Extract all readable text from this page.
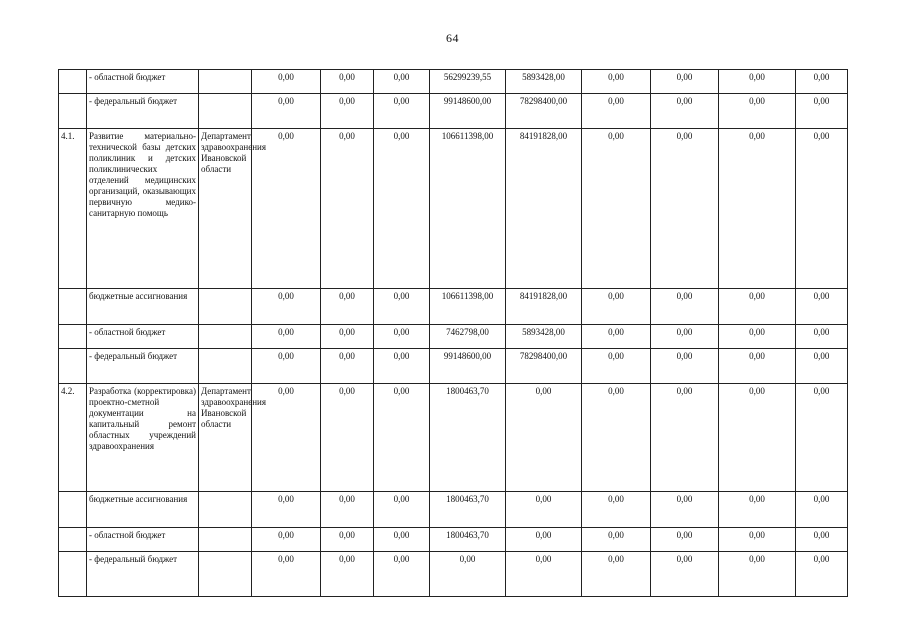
64
	- областной бюджет		0,00	0,00	0,00	56299239,55	5893428,00	0,00	0,00	0,00	0,00
	- федеральный бюджет		0,00	0,00	0,00	99148600,00	78298400,00	0,00	0,00	0,00	0,00
4.1.	Развитие материально-технической базы детских поликлиник и детских поликлинических отделений медицинских организаций, оказывающих первичную медико-санитарную помощь	Департамент здравоохранения Ивановской области	0,00	0,00	0,00	106611398,00	84191828,00	0,00	0,00	0,00	0,00
	бюджетные ассигнования		0,00	0,00	0,00	106611398,00	84191828,00	0,00	0,00	0,00	0,00
	- областной бюджет		0,00	0,00	0,00	7462798,00	5893428,00	0,00	0,00	0,00	0,00
	- федеральный бюджет		0,00	0,00	0,00	99148600,00	78298400,00	0,00	0,00	0,00	0,00
4.2.	Разработка (корректировка) проектно-сметной документации на капитальный ремонт областных учреждений здравоохранения	Департамент здравоохранения Ивановской области	0,00	0,00	0,00	1800463,70	0,00	0,00	0,00	0,00	0,00
	бюджетные ассигнования		0,00	0,00	0,00	1800463,70	0,00	0,00	0,00	0,00	0,00
	- областной бюджет		0,00	0,00	0,00	1800463,70	0,00	0,00	0,00	0,00	0,00
	- федеральный бюджет		0,00	0,00	0,00	0,00	0,00	0,00	0,00	0,00	0,00
